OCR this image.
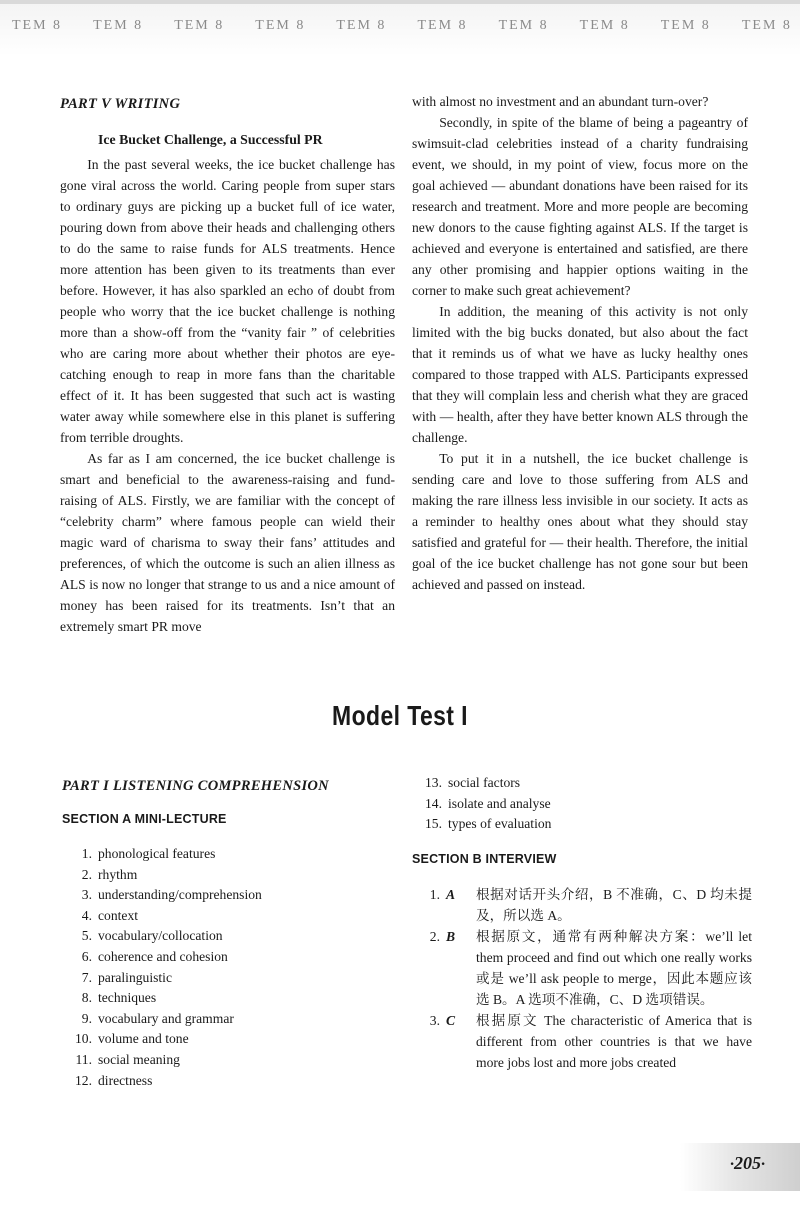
TEM 8 TEM 8 TEM 8 TEM 8 TEM 8 TEM 8 TEM 8 TEM 8 TEM 8 TEM 8
PART V WRITING
Ice Bucket Challenge, a Successful PR

In the past several weeks, the ice bucket challenge has gone viral across the world. Caring people from super stars to ordinary guys are picking up a bucket full of ice water, pouring down from above their heads and challenging others to do the same to raise funds for ALS treatments. Hence more attention has been given to its treatments than ever before. However, it has also sparkled an echo of doubt from people who worry that the ice bucket challenge is nothing more than a show-off from the “vanity fair ” of celebrities who are caring more about whether their photos are eye-catching enough to reap in more fans than the charitable effect of it. It has been suggested that such act is wasting water away while somewhere else in this planet is suffering from terrible droughts.

As far as I am concerned, the ice bucket challenge is smart and beneficial to the awareness-raising and fund-raising of ALS. Firstly, we are familiar with the concept of “celebrity charm” where famous people can wield their magic ward of charisma to sway their fans’ attitudes and preferences, of which the outcome is such an alien illness as ALS is now no longer that strange to us and a nice amount of money has been raised for its treatments. Isn’t that an extremely smart PR move

with almost no investment and an abundant turn-over?

Secondly, in spite of the blame of being a pageantry of swimsuit-clad celebrities instead of a charity fundraising event, we should, in my point of view, focus more on the goal achieved — abundant donations have been raised for its research and treatment. More and more people are becoming new donors to the cause fighting against ALS. If the target is achieved and everyone is entertained and satisfied, are there any other promising and happier options waiting in the corner to make such great achievement?

In addition, the meaning of this activity is not only limited with the big bucks donated, but also about the fact that it reminds us of what we have as lucky healthy ones compared to those trapped with ALS. Participants expressed that they will complain less and cherish what they are graced with — health, after they have better known ALS through the challenge.

To put it in a nutshell, the ice bucket challenge is sending care and love to those suffering from ALS and making the rare illness less invisible in our society. It acts as a reminder to healthy ones about what they should stay satisfied and grateful for — their health. Therefore, the initial goal of the ice bucket challenge has not gone sour but been achieved and passed on instead.

Model Test I
PART I LISTENING COMPREHENSION
SECTION A MINI-LECTURE
1. phonological features
2. rhythm
3. understanding/comprehension
4. context
5. vocabulary/collocation
6. coherence and cohesion
7. paralinguistic
8. techniques
9. vocabulary and grammar
10. volume and tone
11. social meaning
12. directness
13. social factors
14. isolate and analyse
15. types of evaluation
SECTION B INTERVIEW
1. A	根据对话开头介绍，B 不准确，C、D 均未提及，所以选 A。
2. B	根据原文，通常有两种解决方案：we’ll let them proceed and find out which one really works 或是 we’ll ask people to merge，因此本题应该选 B。A 选项不准确，C、D 选项错误。
3. C	根据原文 The characteristic of America that is different from other countries is that we have more jobs lost and more jobs created
·205·
